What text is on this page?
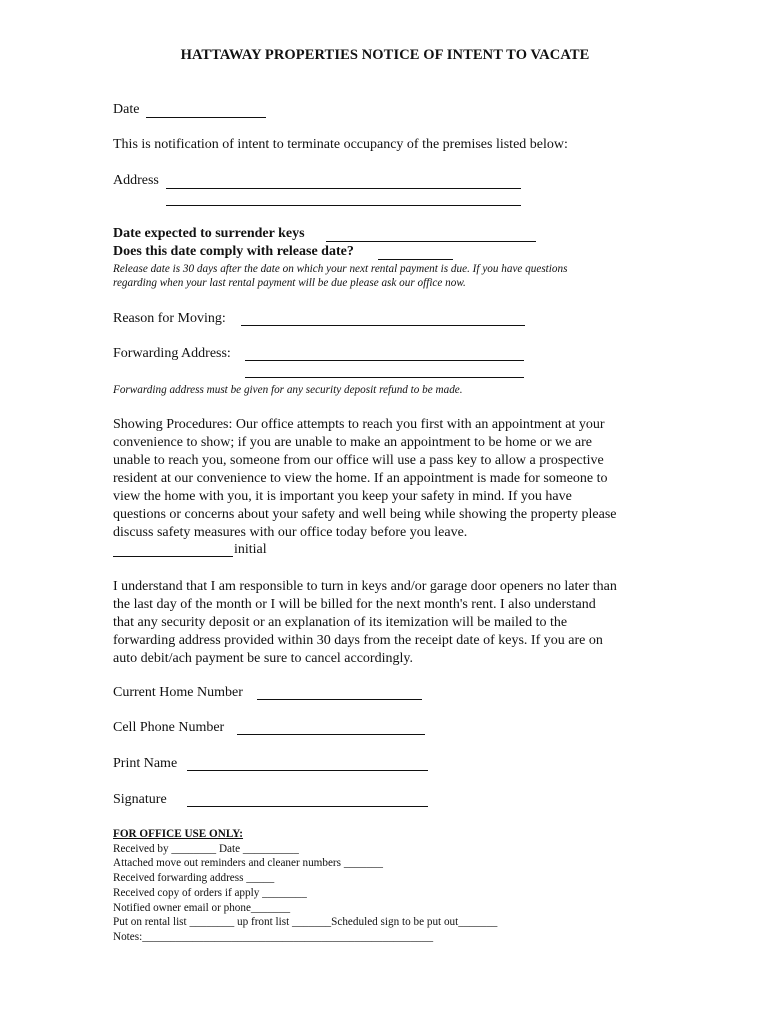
HATTAWAY PROPERTIES NOTICE OF INTENT TO VACATE
Date
This is notification of intent to terminate occupancy of the premises listed below:
Address
Date expected to surrender keys
Does this date comply with release date?
Release date is 30 days after the date on which your next rental payment is due. If you have questions
regarding when your last rental payment will be due please ask our office now.
Reason for Moving:
Forwarding Address:
Forwarding address must be given for any security deposit refund to be made.
Showing Procedures: Our office attempts to reach you first with an appointment at your
convenience to show; if you are unable to make an appointment to be home or we are
unable to reach you, someone from our office will use a pass key to allow a prospective
resident at our convenience to view the home. If an appointment is made for someone to
view the home with you, it is important you keep your safety in mind. If you have
questions or concerns about your safety and well being while showing the property please
discuss safety measures with our office today before you leave.
initial
I understand that I am responsible to turn in keys and/or garage door openers no later than
the last day of the month or I will be billed for the next month's rent. I also understand
that any security deposit or an explanation of its itemization will be mailed to the
forwarding address provided within 30 days from the receipt date of keys. If you are on
auto debit/ach payment be sure to cancel accordingly.
Current Home Number
Cell Phone Number
Print Name
Signature
FOR OFFICE USE ONLY:
Received by ________ Date __________
Attached move out reminders and cleaner numbers _______
Received forwarding address _____
Received copy of orders if apply ________
Notified owner email or phone_______
Put on rental list ________ up front list _______Scheduled sign to be put out_______
Notes:____________________________________________________
